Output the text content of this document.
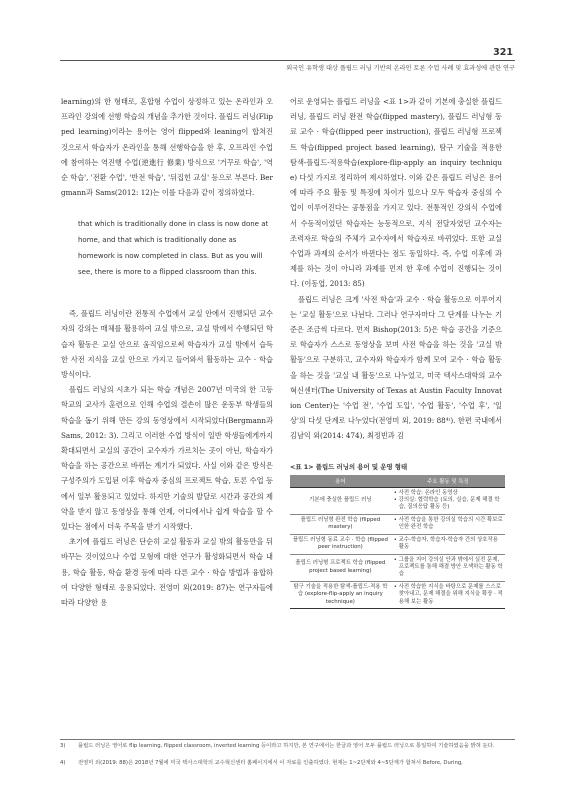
321
외국인 유학생 대상 플립드 러닝 기반의 온라인 토론 수업 사례 및 효과성에 관한 연구

learning)의 한 형태로, 혼합형 수업이 상정하고 있는 온라인과 오프라인 강의에 선행 학습의 개념을 추가한 것이다. 플립드 러닝(Flipped learning)이라는 용어는 영어 flipped와 leaning이 합쳐진 것으로서 학습자가 온라인을 통해 선행학습을 한 후, 오프라인 수업에 참여하는 역진행 수업(逆進行 修業) 방식으로 '거꾸로 학습', '역순 학습', '전환 수업', '반전 학습', '뒤집힌 교실' 등으로 부른다. Bergmann과 Sams(2012: 12)는 이를 다음과 같이 정의하였다.

that which is traditionally done in class is now done at home, and that which is traditionally done as homework is now completed in class. But as you will see, there is more to a flipped classroom than this.

즉, 플립드 러닝이란 전통적 수업에서 교실 안에서 진행되던 교수자의 강의는 매체를 활용하여 교실 밖으로, 교실 밖에서 수행되던 학습자 활동은 교실 안으로 움직임으로써 학습자가 교실 밖에서 습득한 사전 지식을 교실 안으로 가지고 들어와서 활동하는 교수 · 학습 방식이다.

플립드 러닝의 시초가 되는 학습 개념은 2007년 미국의 한 고등학교의 교사가 훈련으로 인해 수업의 결손이 많은 운동부 학생들의 학습을 돕기 위해 만든 강의 동영상에서 시작되었다(Bergmann과 Sams, 2012: 3). 그리고 이러한 수업 방식이 일반 학생들에게까지 확대되면서 교실의 공간이 교수자가 가르치는 곳이 아닌, 학습자가 학습을 하는 공간으로 바뀌는 계기가 되었다. 사실 이와 같은 방식은 구성주의가 도입된 이후 학습자 중심의 프로젝트 학습, 토론 수업 등에서 일부 활용되고 있었다. 하지만 기술의 발달로 시간과 공간의 제약을 받지 않고 동영상을 통해 언제, 어디에서나 쉽게 학습을 할 수 있다는 점에서 더욱 주목을 받기 시작했다.

초기에 플립드 러닝은 단순히 교실 활동과 교실 밖의 활동만을 뒤바꾸는 것이었으나 수업 모형에 대한 연구가 활성화되면서 학습 내용, 학습 활동, 학습 환경 등에 따라 다른 교수 · 학습 방법과 융합하여 다양한 형태로 응용되었다. 전영미 외(2019: 87)는 연구자들에 따라 다양한 용

어로 운영되는 플립드 러닝을 <표 1>과 같이 기본에 충실한 플립드 러닝, 플립드 러닝 완전 학습(flipped mastery), 플립드 러닝형 동료 교수 · 학습(flipped peer instruction), 플립드 러닝형 프로젝트 학습(flipped project based learning), 탐구 기술을 적용한 탐색-플립드-적용학습(explore-flip-apply an inquiry technique) 다섯 가지로 정리하여 제시하였다. 이와 같은 플립드 러닝은 용어에 따라 주요 활동 및 특징에 차이가 있으나 모두 학습자 중심의 수업이 이루어진다는 공통점을 가지고 있다. 전통적인 강의식 수업에서 수동적이었던 학습자는 능동적으로, 지식 전달자였던 교수자는 조력자로 학습의 주체가 교수자에서 학습자로 바뀌었다. 또한 교실 수업과 과제의 순서가 바뀐다는 점도 동일하다. 즉, 수업 이후에 과제를 하는 것이 아니라 과제를 먼저 한 후에 수업이 진행되는 것이다. (이동엽, 2013: 85)

플립드 러닝은 크게 '사전 학습'과 교수 · 학습 활동으로 이루어지는 '교실 활동'으로 나뉜다. 그러나 연구자마다 그 단계를 나누는 기준은 조금씩 다르다. 먼저 Bishop(2013: 5)은 학습 공간을 기준으로 학습자가 스스로 동영상을 보며 사전 학습을 하는 것을 '교실 밖 활동'으로 구분하고, 교수자와 학습자가 함께 모여 교수 · 학습 활동을 하는 것을 '교실 내 활동'으로 나누었고, 미국 텍사스대학의 교수혁신센터(The University of Texas at Austin Faculty Innovation Center)는 '수업 전', '수업 도입', '수업 활동', '수업 후', '일상'의 다섯 단계로 나누었다(전영미 외, 2019: 88⁴⁾). 한편 국내에서 김남익 외(2014: 474), 최정빈과 김

<표 1> 플립드 러닝의 용어 및 운영 형태
용어	주요 활동 및 특징
기본에 충실한 플립드 러닝	• 사전 학습: 온라인 동영상
• 강의실: 협력학습 (토의, 실습, 문제 해결 학습, 질의응답 활동 등)

플립드 러닝형 완전 학습 (flipped mastery)	• 사전 학습을 통한 강의실 학습의 시간 확보로 인한 완전 학습

플립드 러닝형 동료 교수 · 학습 (flipped peer instruction)	• 교수-학습자, 학습자-학습자 간의 상호작용 활동

플립드 러닝형 프로젝트 학습 (flipped project based learning)	• 그룹을 지어 강의실 안과 밖에서 실전 문제, 프로젝트를 통해 해결 방안 모색하는 활동 학습

탐구 기술을 적용한 탐색-플립드-적용 학습 (explore-flip-apply an inquiry technique)	• 사전 학습한 지식을 바탕으로 문제를 스스로 찾아내고, 문제 해결을 위해 지식을 확장 · 적용해 보는 활동
3) 플립드 러닝은 영어로 flip learning, flipped classroom, inverted learning 등이라고 하지만, 본 연구에서는 한글과 영어 모두 플립드 러닝으로 통일하여 기술하였음을 밝혀 둔다.
4) 전영미 외(2019: 88)은 2018년 7월에 미국 텍사스대학의 교수혁신센터 홈페이지에서 이 자료를 인출하였다. 현재는 1~2단계와 4~5단계가 합쳐서 Before, During,
